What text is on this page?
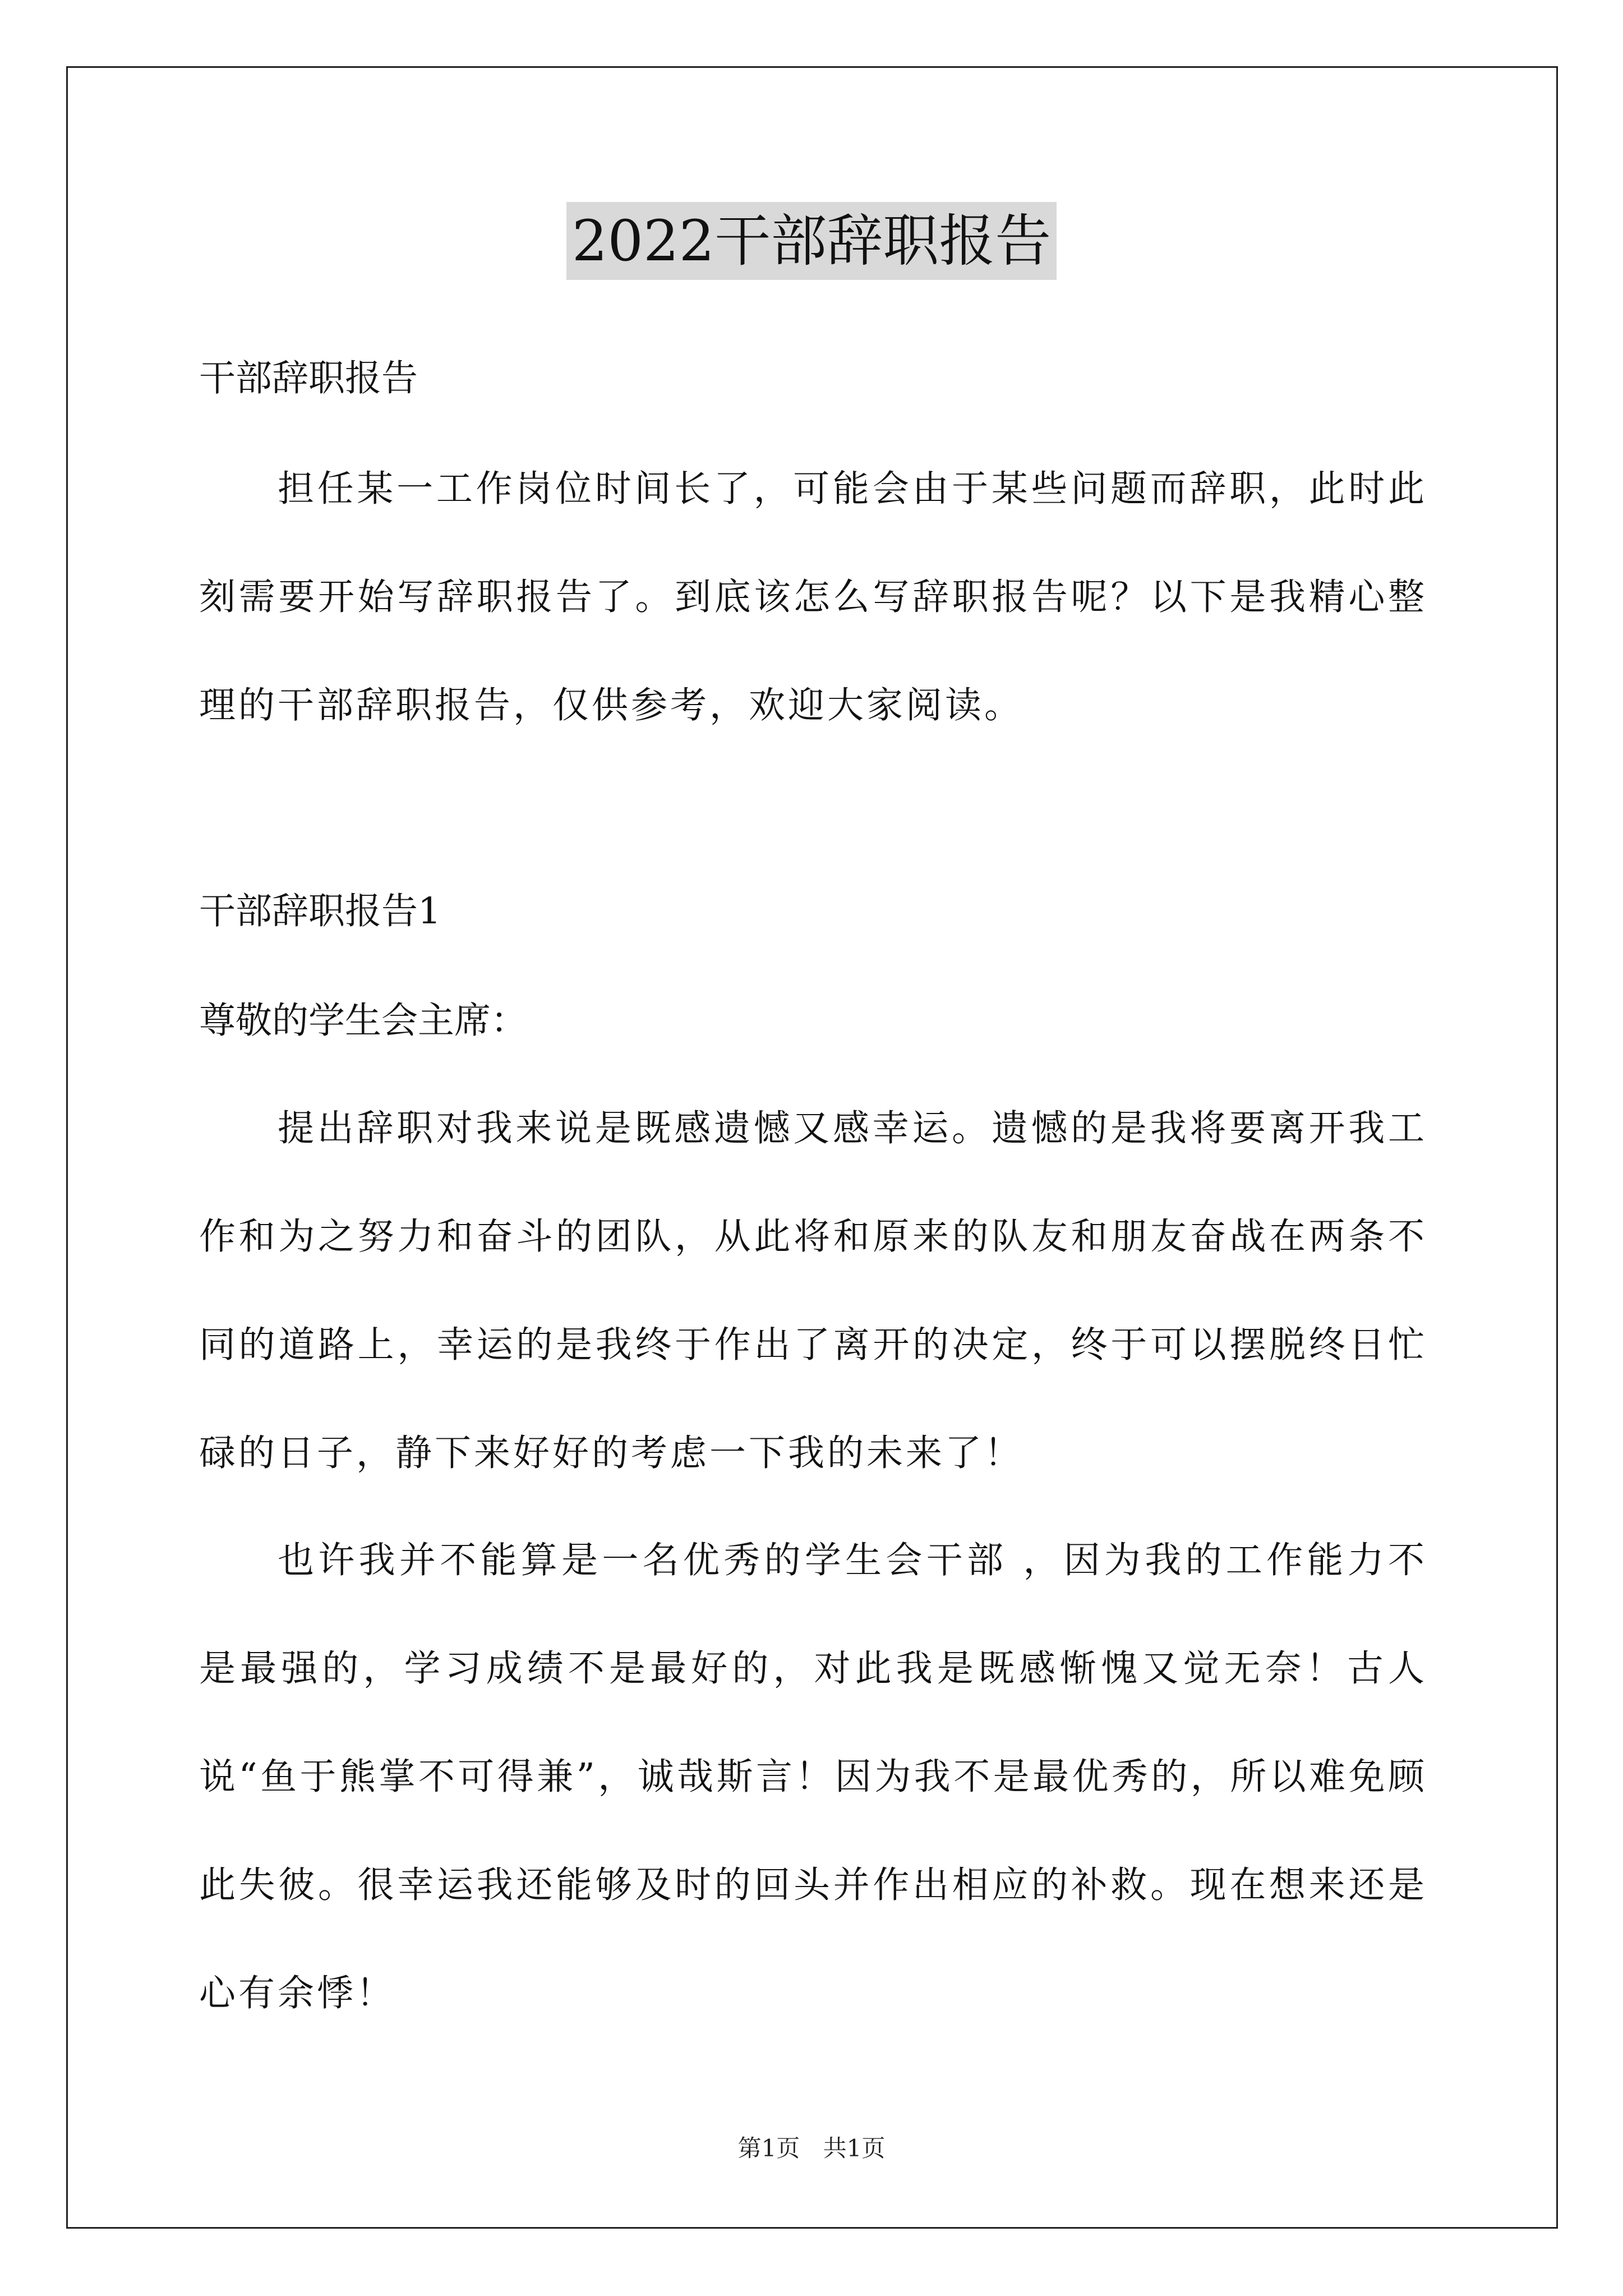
2022干部辞职报告
干部辞职报告
担任某一工作岗位时间长了，可能会由于某些问题而辞职，此时此刻需要开始写辞职报告了。到底该怎么写辞职报告呢？以下是我精心整理的干部辞职报告，仅供参考，欢迎大家阅读。
干部辞职报告1
尊敬的学生会主席：
提出辞职对我来说是既感遗憾又感幸运。遗憾的是我将要离开我工作和为之努力和奋斗的团队，从此将和原来的队友和朋友奋战在两条不同的道路上，幸运的是我终于作出了离开的决定，终于可以摆脱终日忙碌的日子，静下来好好的考虑一下我的未来了！
也许我并不能算是一名优秀的学生会干部 ，因为我的工作能力不是最强的，学习成绩不是最好的，对此我是既感惭愧又觉无奈！古人说“鱼于熊掌不可得兼”，诚哉斯言！因为我不是最优秀的，所以难免顾此失彼。很幸运我还能够及时的回头并作出相应的补救。现在想来还是心有余悸！
第1页 共1页
